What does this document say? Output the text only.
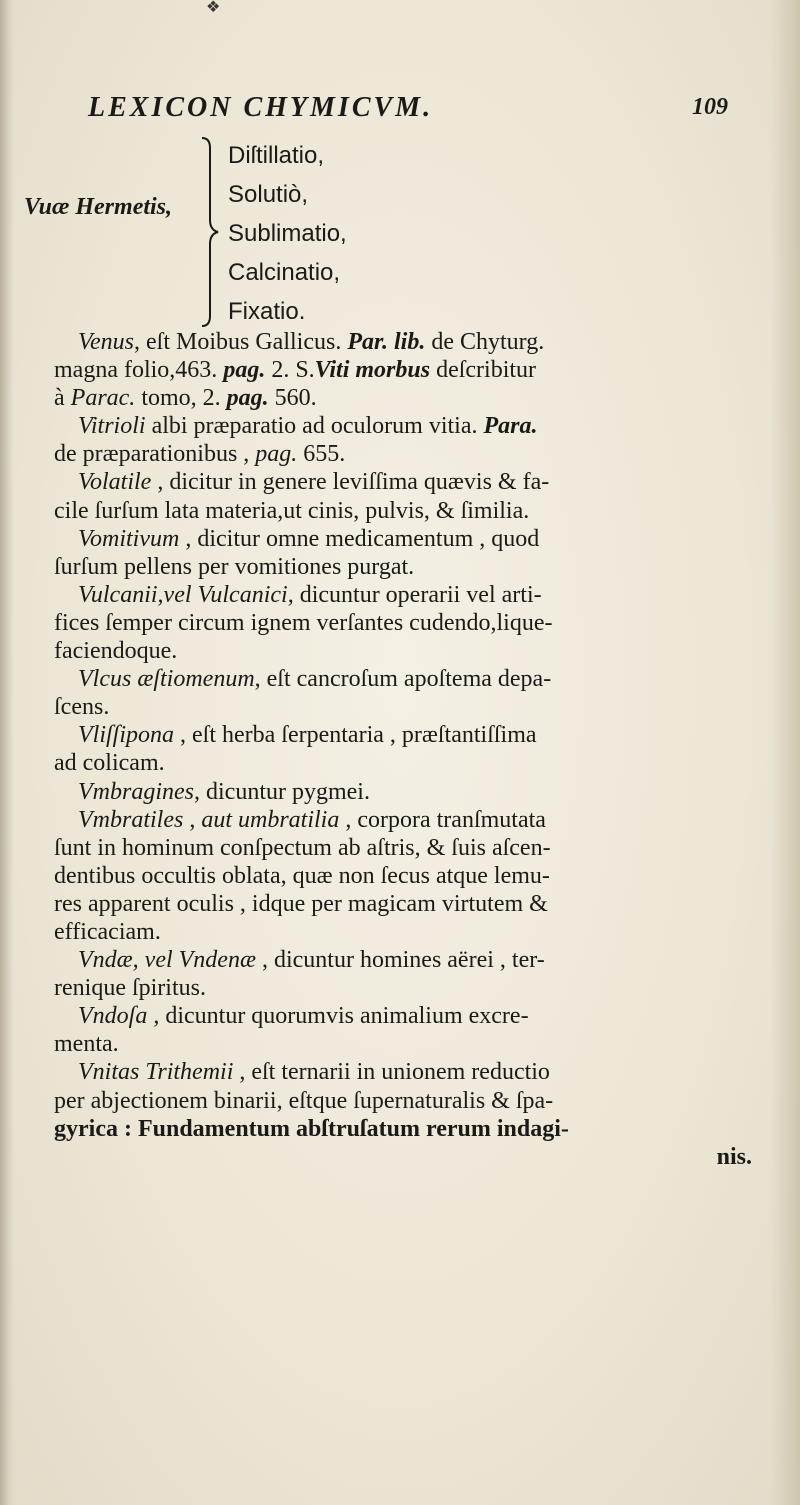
❖
LEXICON CHYMICVM.	109
Vuæ Hermetis,
Diſtillatio,
Solutiò,
Sublimatio,
Calcinatio,
Fixatio.
Venus, eſt Moibus Gallicus. Par. lib. de Chyturg.
magna folio,463. pag. 2. S.Viti morbus deſcribitur
à Parac. tomo, 2. pag. 560.
Vitrioli albi præparatio ad oculorum vitia. Para.
de præparationibus , pag. 655.
Volatile , dicitur in genere leviſſima quævis & fa-
cile ſurſum lata materia,ut cinis, pulvis, & ſimilia.
Vomitivum , dicitur omne medicamentum , quod
ſurſum pellens per vomitiones purgat.
Vulcanii,vel Vulcanici, dicuntur operarii vel arti-
fices ſemper circum ignem verſantes cudendo,lique-
faciendoque.
Vlcus æſtiomenum, eſt cancroſum apoſtema depa-
ſcens.
Vliſſipona , eſt herba ſerpentaria , præſtantiſſima
ad colicam.
Vmbragines, dicuntur pygmei.
Vmbratiles , aut umbratilia , corpora tranſmutata
ſunt in hominum conſpectum ab aſtris, & ſuis aſcen-
dentibus occultis oblata, quæ non ſecus atque lemu-
res apparent oculis , idque per magicam virtutem &
efficaciam.
Vndæ, vel Vndenæ , dicuntur homines aërei , ter-
renique ſpiritus.
Vndoſa , dicuntur quorumvis animalium excre-
menta.
Vnitas Trithemii , eſt ternarii in unionem reductio
per abjectionem binarii, eſtque ſupernaturalis & ſpa-
gyrica : Fundamentum abſtruſatum rerum indagi-
nis.
